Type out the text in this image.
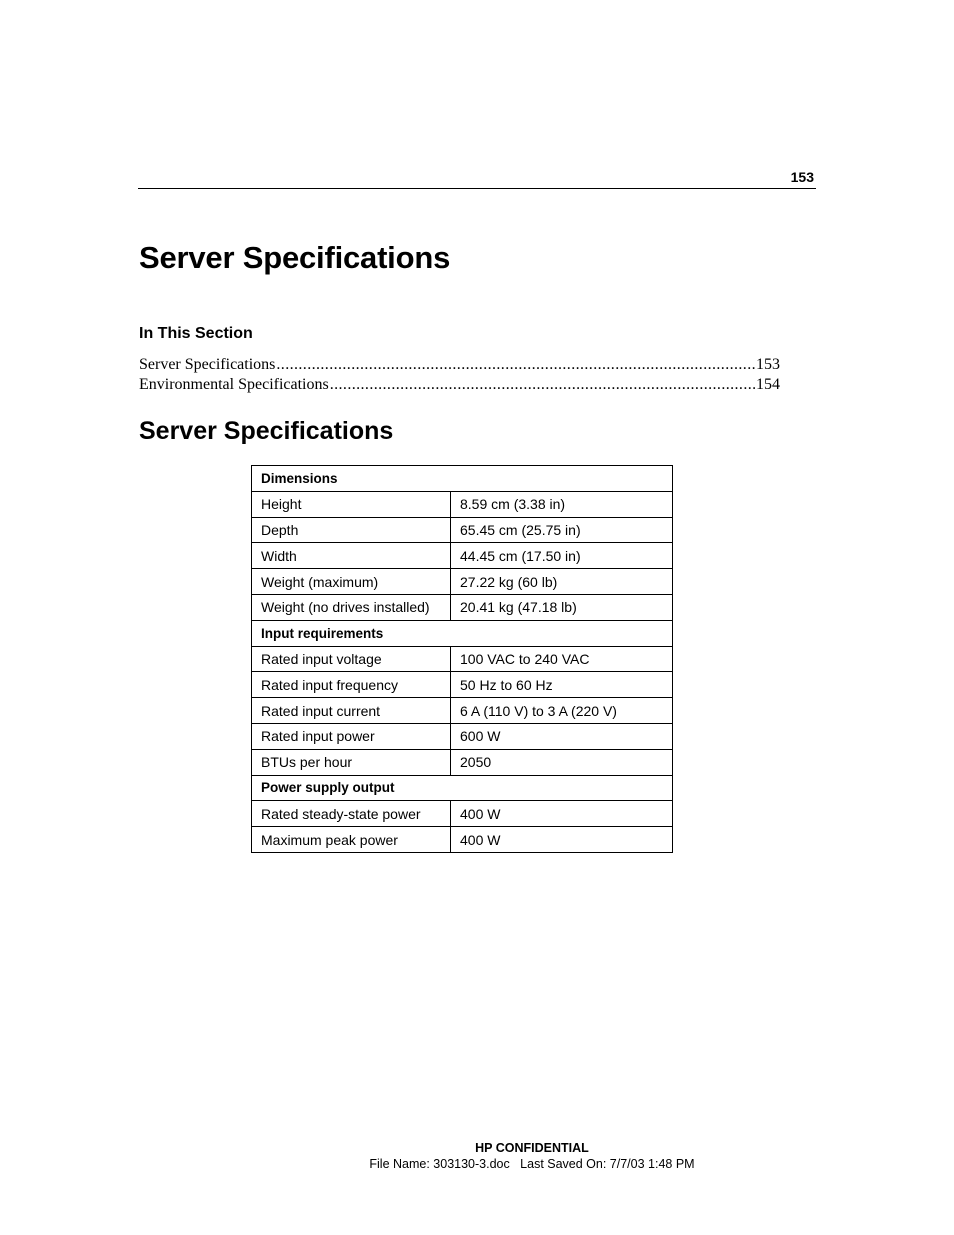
153
Server Specifications
In This Section
Server Specifications .....	153
Environmental Specifications .....	154
Server Specifications
Dimensions	
Height	8.59 cm (3.38 in)
Depth	65.45 cm (25.75 in)
Width	44.45 cm (17.50 in)
Weight (maximum)	27.22 kg (60 lb)
Weight (no drives installed)	20.41 kg (47.18 lb)
Input requirements	
Rated input voltage	100 VAC to 240 VAC
Rated input frequency	50 Hz to 60 Hz
Rated input current	6 A (110 V) to 3 A (220 V)
Rated input power	600 W
BTUs per hour	2050
Power supply output	
Rated steady-state power	400 W
Maximum peak power	400 W
HP CONFIDENTIAL
File Name: 303130-3.doc   Last Saved On: 7/7/03 1:48 PM
